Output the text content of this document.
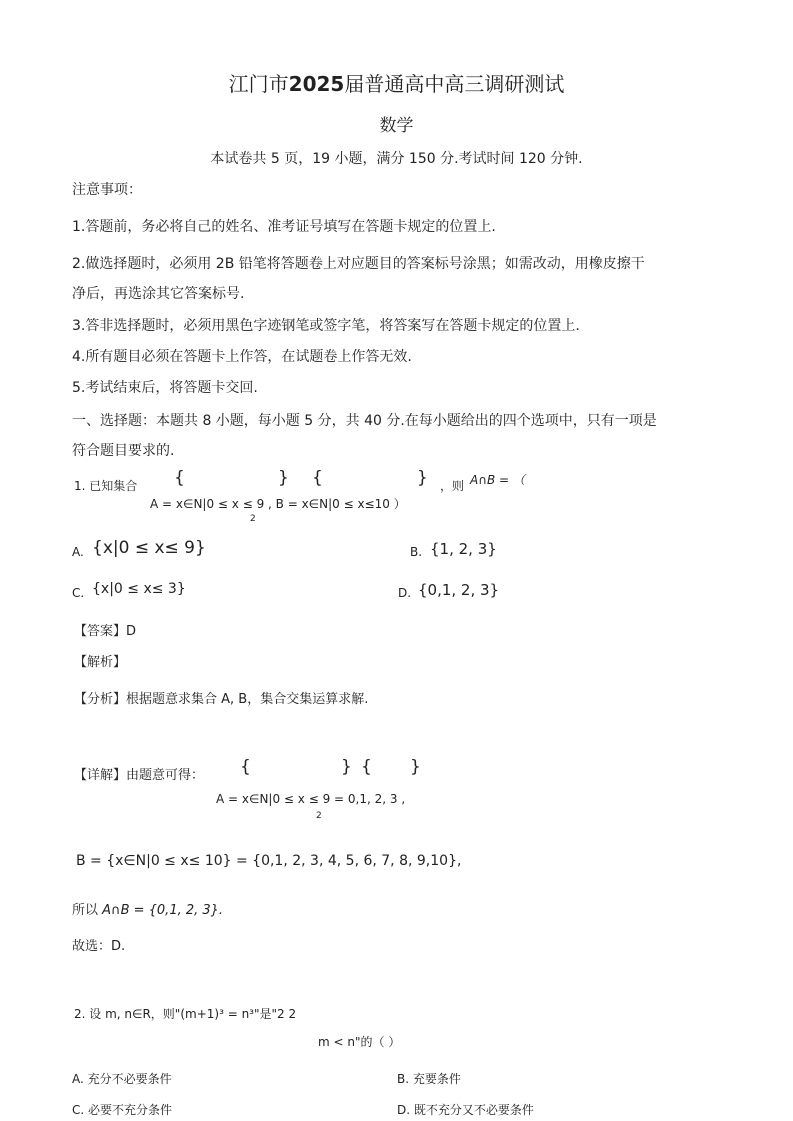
江门市2025届普通高中高三调研测试
数学
本试卷共 5 页，19 小题，满分 150 分.考试时间 120 分钟.
注意事项：
1.答题前，务必将自己的姓名、准考证号填写在答题卡规定的位置上.
2.做选择题时，必须用 2B 铅笔将答题卷上对应题目的答案标号涂黑；如需改动，用橡皮擦干
净后，再选涂其它答案标号.
3.答非选择题时，必须用黑色字迹钢笔或签字笔，将答案写在答题卡规定的位置上.
4.所有题目必须在答题卡上作答，在试题卷上作答无效.
5.考试结束后，将答题卡交回.
一、选择题：本题共 8 小题，每小题 5 分，共 40 分.在每小题给出的四个选项中，只有一项是
符合题目要求的.
1. 已知集合 {	} {	} ，则 A∩B = （
A = x∈N|0 ≤ x ≤ 9 , B = x∈N|0 ≤ x≤10 ）
2
A. {x|0 ≤ x≤ 9}	B. {1, 2, 3}
C. {x|0 ≤ x≤ 3}	D. {0,1, 2, 3}
【答案】D
【解析】
【分析】根据题意求集合 A, B，集合交集运算求解.
【详解】由题意可得： {	} { }
A = x∈N|0 ≤ x ≤ 9 = 0,1, 2, 3 ,
2
B = {x∈N|0 ≤ x≤ 10} = {0,1, 2, 3, 4, 5, 6, 7, 8, 9,10},
所以 A∩B = {0,1, 2, 3}.
故选：D.
2. 设 m, n∈R，则"(m+1)³ = n³"是"2 2
m < n"的（ ）
A. 充分不必要条件	B. 充要条件
C. 必要不充分条件	D. 既不充分又不必要条件
